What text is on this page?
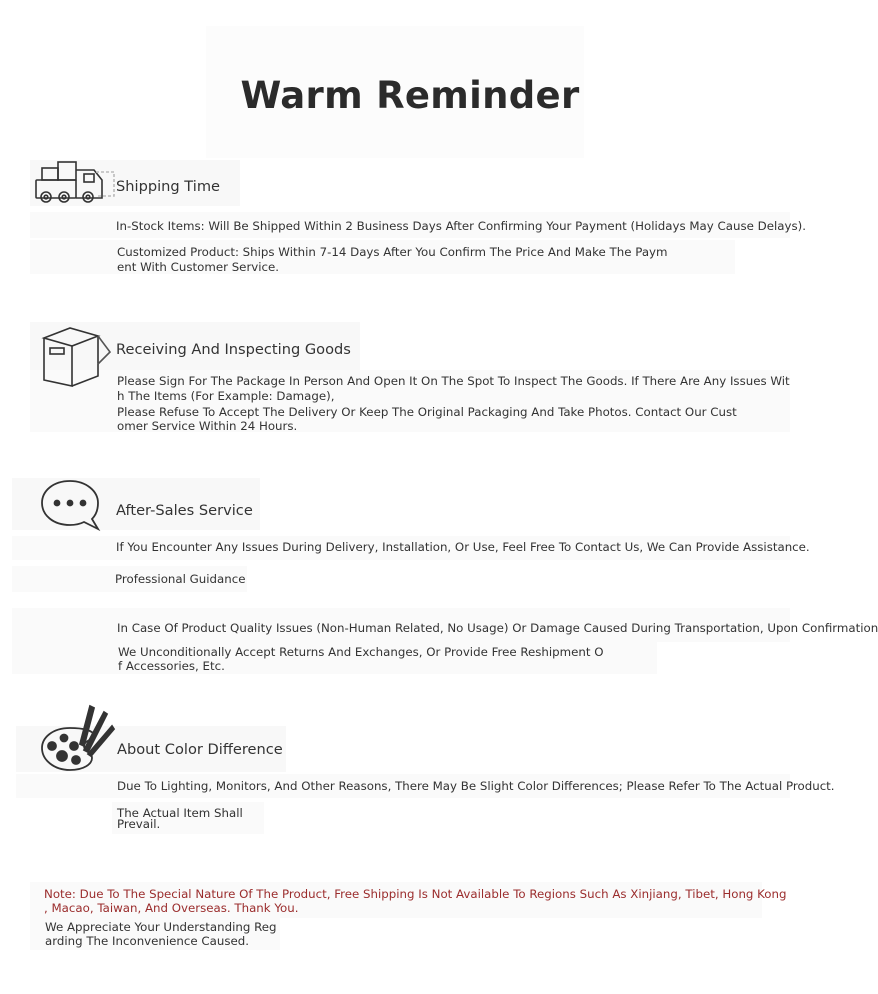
Warm Reminder
Shipping Time
In-Stock Items: Will Be Shipped Within 2 Business Days After Confirming Your Payment (Holidays May Cause Delays).
Customized Product: Ships Within 7-14 Days After You Confirm The Price And Make The Paym
ent With Customer Service.
Receiving And Inspecting Goods
Please Sign For The Package In Person And Open It On The Spot To Inspect The Goods. If There Are Any Issues Wit
h The Items (For Example: Damage),
Please Refuse To Accept The Delivery Or Keep The Original Packaging And Take Photos. Contact Our Cust
omer Service Within 24 Hours.
After-Sales Service
If You Encounter Any Issues During Delivery, Installation, Or Use, Feel Free To Contact Us, We Can Provide Assistance.
Professional Guidance
In Case Of Product Quality Issues (Non-Human Related, No Usage) Or Damage Caused During Transportation, Upon Confirmation
We Unconditionally Accept Returns And Exchanges, Or Provide Free Reshipment O
f Accessories, Etc.
About Color Difference
Due To Lighting, Monitors, And Other Reasons, There May Be Slight Color Differences; Please Refer To The Actual Product.
The Actual Item Shall
Prevail.
Note: Due To The Special Nature Of The Product, Free Shipping Is Not Available To Regions Such As Xinjiang, Tibet, Hong Kong
, Macao, Taiwan, And Overseas. Thank You.
We Appreciate Your Understanding Reg
arding The Inconvenience Caused.
